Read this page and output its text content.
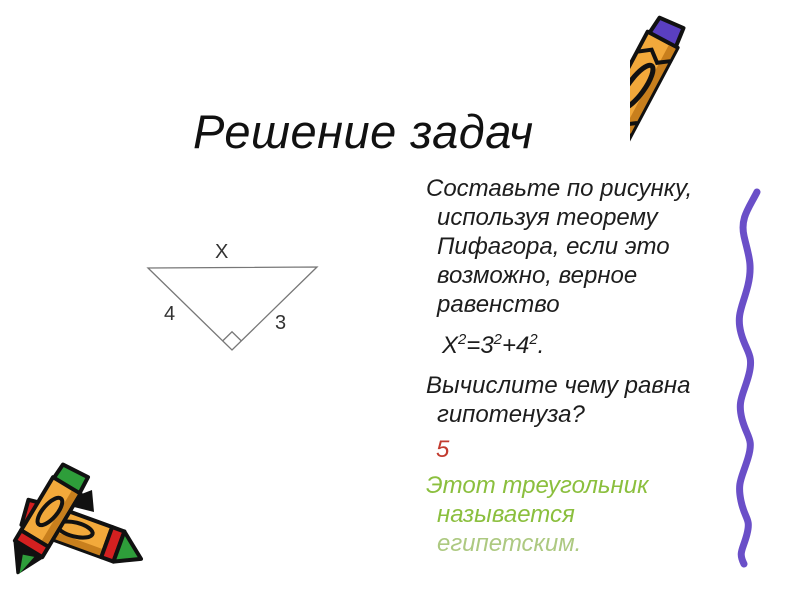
Решение задач
X
4	3
Составьте по рисунку,
используя теорему
Пифагора, если это
возможно, верное
равенство
$X^2=3^2+4^2$.
Вычислите чему равна
гипотенуза?
5
Этот треугольник
называется
египетским.
